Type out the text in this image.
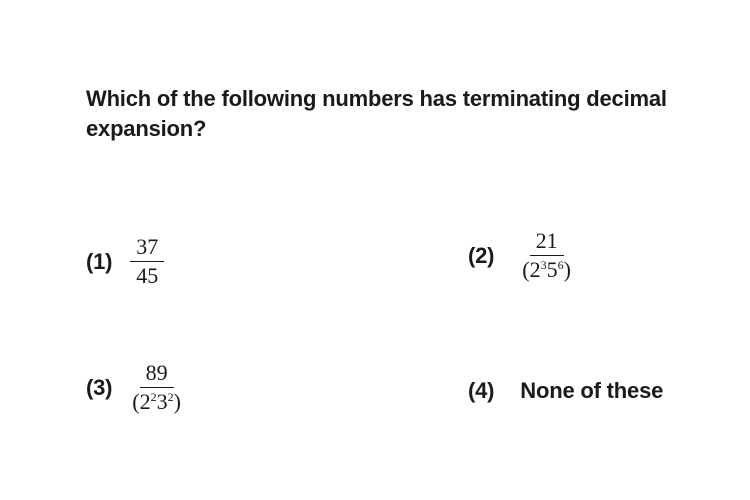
Which of the following numbers has terminating decimal
expansion?
$(1) \frac{37}{45}$	$(2) \frac{21}{(2^35^6)}$
$(3) \frac{89}{(2^23^2)}$	(4) None of these
